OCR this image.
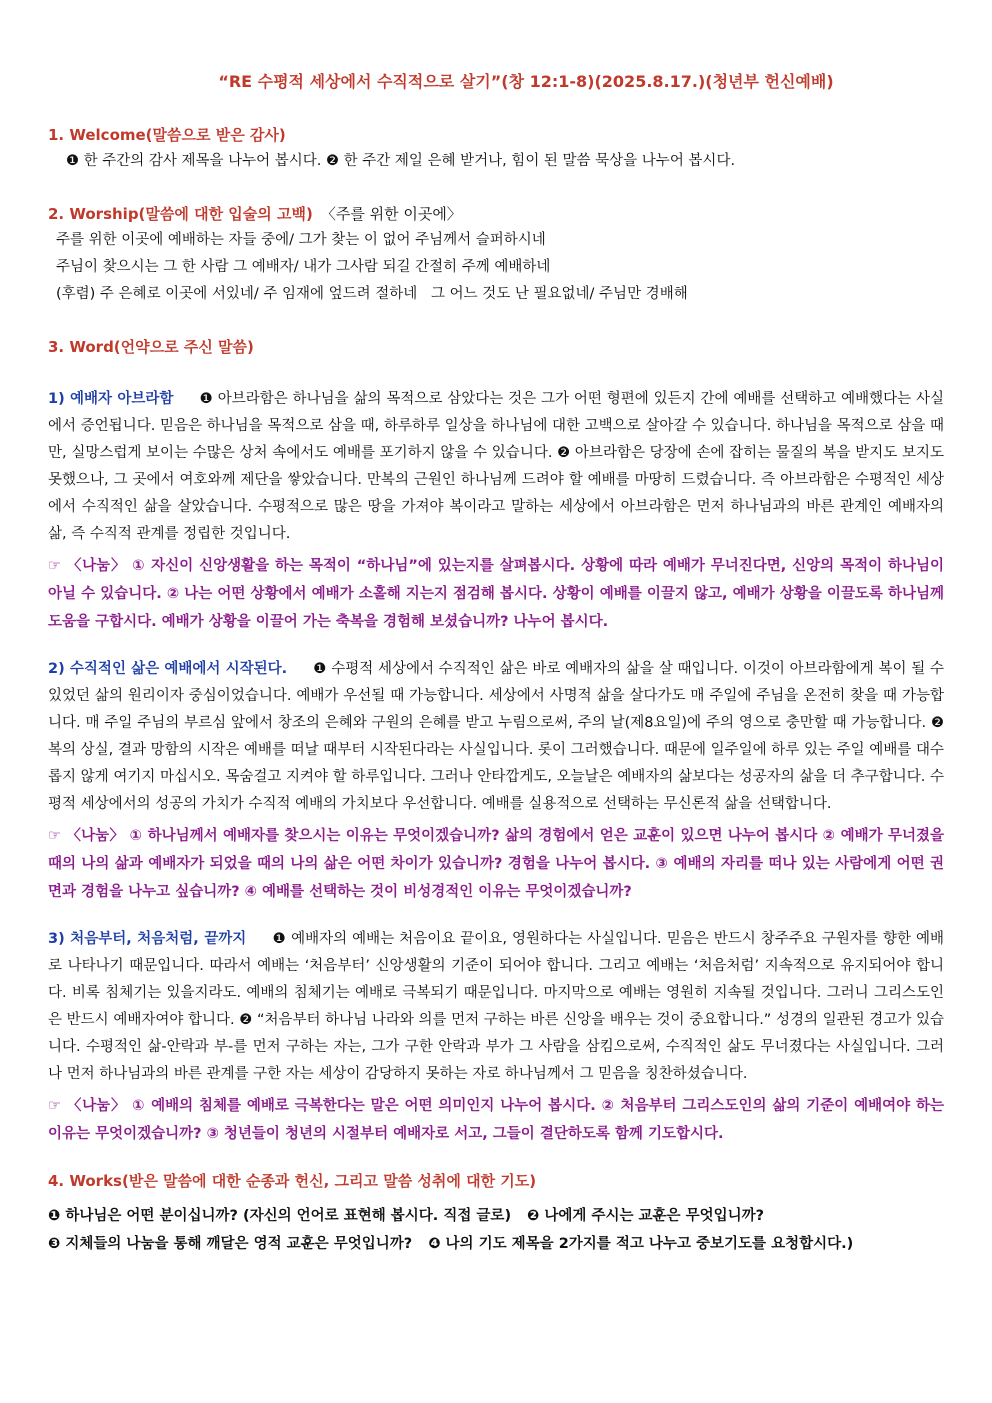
“RE 수평적 세상에서 수직적으로 살기”(창 12:1-8)(2025.8.17.)(청년부 헌신예배)

1. Welcome(말씀으로 받은 감사)

❶ 한 주간의 감사 제목을 나누어 봅시다. ❷ 한 주간 제일 은혜 받거나, 힘이 된 말씀 묵상을 나누어 봅시다.

2. Worship(말씀에 대한 입술의 고백) 〈주를 위한 이곳에〉

주를 위한 이곳에 예배하는 자들 중에/ 그가 찾는 이 없어 주님께서 슬퍼하시네

주님이 찾으시는 그 한 사람 그 예배자/ 내가 그사람 되길 간절히 주께 예배하네

(후렴) 주 은혜로 이곳에 서있네/ 주 임재에 엎드려 절하네   그 어느 것도 난 필요없네/ 주님만 경배해

3. Word(언약으로 주신 말씀)

1) 예배자 아브라함 ❶ 아브라함은 하나님을 삶의 목적으로 삼았다는 것은 그가 어떤 형편에 있든지 간에 예배를 선택하고 예배했다는 사실에서 증언됩니다. 믿음은 하나님을 목적으로 삼을 때, 하루하루 일상을 하나님에 대한 고백으로 살아갈 수 있습니다. 하나님을 목적으로 삼을 때만, 실망스럽게 보이는 수많은 상처 속에서도 예배를 포기하지 않을 수 있습니다. ❷ 아브라함은 당장에 손에 잡히는 물질의 복을 받지도 보지도 못했으나, 그 곳에서 여호와께 제단을 쌓았습니다. 만복의 근원인 하나님께 드려야 할 예배를 마땅히 드렸습니다. 즉 아브라함은 수평적인 세상에서 수직적인 삶을 살았습니다. 수평적으로 많은 땅을 가져야 복이라고 말하는 세상에서 아브라함은 먼저 하나님과의 바른 관계인 예배자의 삶, 즉 수직적 관계를 정립한 것입니다.

☞ 〈나눔〉 ① 자신이 신앙생활을 하는 목적이 “하나님”에 있는지를 살펴봅시다. 상황에 따라 예배가 무너진다면, 신앙의 목적이 하나님이 아닐 수 있습니다. ② 나는 어떤 상황에서 예배가 소홀해 지는지 점검해 봅시다. 상황이 예배를 이끌지 않고, 예배가 상황을 이끌도록 하나님께 도움을 구합시다. 예배가 상황을 이끌어 가는 축복을 경험해 보셨습니까? 나누어 봅시다.

2) 수직적인 삶은 예배에서 시작된다. ❶ 수평적 세상에서 수직적인 삶은 바로 예배자의 삶을 살 때입니다. 이것이 아브라함에게 복이 될 수 있었던 삶의 원리이자 중심이었습니다. 예배가 우선될 때 가능합니다. 세상에서 사명적 삶을 살다가도 매 주일에 주님을 온전히 찾을 때 가능합니다. 매 주일 주님의 부르심 앞에서 창조의 은혜와 구원의 은혜를 받고 누림으로써, 주의 날(제8요일)에 주의 영으로 충만할 때 가능합니다. ❷ 복의 상실, 결과 망함의 시작은 예배를 떠날 때부터 시작된다라는 사실입니다. 롯이 그러했습니다. 때문에 일주일에 하루 있는 주일 예배를 대수롭지 않게 여기지 마십시오. 목숨걸고 지켜야 할 하루입니다. 그러나 안타깝게도, 오늘날은 예배자의 삶보다는 성공자의 삶을 더 추구합니다. 수평적 세상에서의 성공의 가치가 수직적 예배의 가치보다 우선합니다. 예배를 실용적으로 선택하는 무신론적 삶을 선택합니다.

☞ 〈나눔〉 ① 하나님께서 예배자를 찾으시는 이유는 무엇이겠습니까? 삶의 경험에서 얻은 교훈이 있으면 나누어 봅시다 ② 예배가 무너졌을 때의 나의 삶과 예배자가 되었을 때의 나의 삶은 어떤 차이가 있습니까? 경험을 나누어 봅시다. ③ 예배의 자리를 떠나 있는 사람에게 어떤 권면과 경험을 나누고 싶습니까? ④ 예배를 선택하는 것이 비성경적인 이유는 무엇이겠습니까?

3) 처음부터, 처음처럼, 끝까지 ❶ 예배자의 예배는 처음이요 끝이요, 영원하다는 사실입니다. 믿음은 반드시 창주주요 구원자를 향한 예배로 나타나기 때문입니다. 따라서 예배는 ‘처음부터’ 신앙생활의 기준이 되어야 합니다. 그리고 예배는 ‘처음처럼’ 지속적으로 유지되어야 합니다. 비록 침체기는 있을지라도. 예배의 침체기는 예배로 극복되기 때문입니다. 마지막으로 예배는 영원히 지속될 것입니다. 그러니 그리스도인은 반드시 예배자여야 합니다. ❷ “처음부터 하나님 나라와 의를 먼저 구하는 바른 신앙을 배우는 것이 중요합니다.” 성경의 일관된 경고가 있습니다. 수평적인 삶-안락과 부-를 먼저 구하는 자는, 그가 구한 안락과 부가 그 사람을 삼킴으로써, 수직적인 삶도 무너졌다는 사실입니다. 그러나 먼저 하나님과의 바른 관계를 구한 자는 세상이 감당하지 못하는 자로 하나님께서 그 믿음을 칭찬하셨습니다.

☞ 〈나눔〉 ① 예배의 침체를 예배로 극복한다는 말은 어떤 의미인지 나누어 봅시다. ② 처음부터 그리스도인의 삶의 기준이 예배여야 하는 이유는 무엇이겠습니까? ③ 청년들이 청년의 시절부터 예배자로 서고, 그들이 결단하도록 함께 기도합시다.

4. Works(받은 말씀에 대한 순종과 헌신, 그리고 말씀 성취에 대한 기도)

❶ 하나님은 어떤 분이십니까? (자신의 언어로 표현해 봅시다. 직접 글로) ❷ 나에게 주시는 교훈은 무엇입니까?

❸ 지체들의 나눔을 통해 깨달은 영적 교훈은 무엇입니까? ❹ 나의 기도 제목을 2가지를 적고 나누고 중보기도를 요청합시다.)
